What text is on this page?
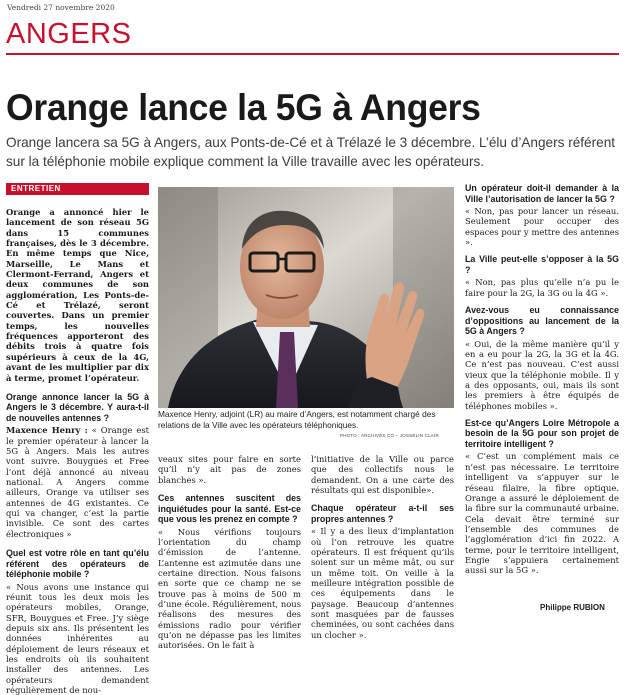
Vendredi 27 novembre 2020
ANGERS
Orange lance la 5G à Angers

Orange lancera sa 5G à Angers, aux Ponts-de-Cé et à Trélazé le 3 décembre. L’élu d’Angers référent sur la téléphonie mobile explique comment la Ville travaille avec les opérateurs.

ENTRETIEN

Orange a annoncé hier le lancement de son réseau 5G dans 15 communes françaises, dès le 3 décembre. En même temps que Nice, Marseille, Le Mans et Clermont-Ferrand, Angers et deux communes de son agglomération, Les Ponts-de-Cé et Trélazé, seront couvertes. Dans un premier temps, les nouvelles fréquences apporteront des débits trois à quatre fois supérieurs à ceux de la 4G, avant de les multiplier par dix à terme, promet l’opérateur.

Orange annonce lancer la 5G à Angers le 3 décembre. Y aura-t-il de nouvelles antennes ?

Maxence Henry : « Orange est le premier opérateur à lancer la 5G à Angers. Mais les autres vont suivre. Bouygues et Free l’ont déjà annoncé au niveau national. A Angers comme ailleurs, Orange va utiliser ses antennes de 4G existantes. Ce qui va changer, c’est la partie invisible. Ce sont des cartes électroniques »

Quel est votre rôle en tant qu’élu référent des opérateurs de téléphonie mobile ?

« Nous avons une instance qui réunit tous les deux mois les opérateurs mobiles, Orange, SFR, Bouygues et Free. J’y siège depuis six ans. Ils présentent les données inhérentes au déploiement de leurs réseaux et les endroits où ils souhaitent installer des antennes. Les opérateurs demandent régulièrement de nou-

Maxence Henry, adjoint (LR) au maire d’Angers, est notamment chargé des relations de la Ville avec les opérateurs téléphoniques.

PHOTO : ARCHIVES CO – JOSSELIN CLAIR

veaux sites pour faire en sorte qu’il n’y ait pas de zones blanches ».

Ces antennes suscitent des inquiétudes pour la santé. Est-ce que vous les prenez en compte ?

« Nous vérifions toujours l’orientation du champ d’émission de l’antenne. L’antenne est azimutée dans une certaine direction. Nous faisons en sorte que ce champ ne se trouve pas à moins de 500 m d’une école. Régulièrement, nous réalisons des mesures des émissions radio pour vérifier qu’on ne dépasse pas les limites autorisées. On le fait à

l’initiative de la Ville ou parce que des collectifs nous le demandent. On a une carte des résultats qui est disponible».

Chaque opérateur a-t-il ses propres antennes ?

« Il y a des lieux d’implantation où l’on retrouve les quatre opérateurs. Il est fréquent qu’ils soient sur un même mât, ou sur un même toit. On veille à la meilleure intégration possible de ces équipements dans le paysage. Beaucoup d’antennes sont masquées par de fausses cheminées, ou sont cachées dans un clocher ».

Un opérateur doit-il demander à la Ville l’autorisation de lancer la 5G ?

« Non, pas pour lancer un réseau. Seulement pour occuper des espaces pour y mettre des antennes ».

La Ville peut-elle s’opposer à la 5G ?

« Non, pas plus qu’elle n’a pu le faire pour la 2G, la 3G ou la 4G ».

Avez-vous eu connaissance d’oppositions au lancement de la 5G à Angers ?

« Oui, de la même manière qu’il y en a eu pour la 2G, la 3G et la 4G. Ce n’est pas nouveau. C’est aussi vieux que la téléphonie mobile. Il y a des opposants, oui, mais ils sont les premiers à être équipés de téléphones mobiles ».

Est-ce qu’Angers Loire Métropole a besoin de la 5G pour son projet de territoire intelligent ?

« C’est un complément mais ce n’est pas nécessaire. Le territoire intelligent va s’appuyer sur le réseau filaire, la fibre optique. Orange a assuré le déploiement de la fibre sur la communauté urbaine. Cela devait être terminé sur l’ensemble des communes de l’agglomération d’ici fin 2022. A terme, pour le territoire intelligent, Engie s’appuiera certainement aussi sur la 5G ».

Philippe RUBION
